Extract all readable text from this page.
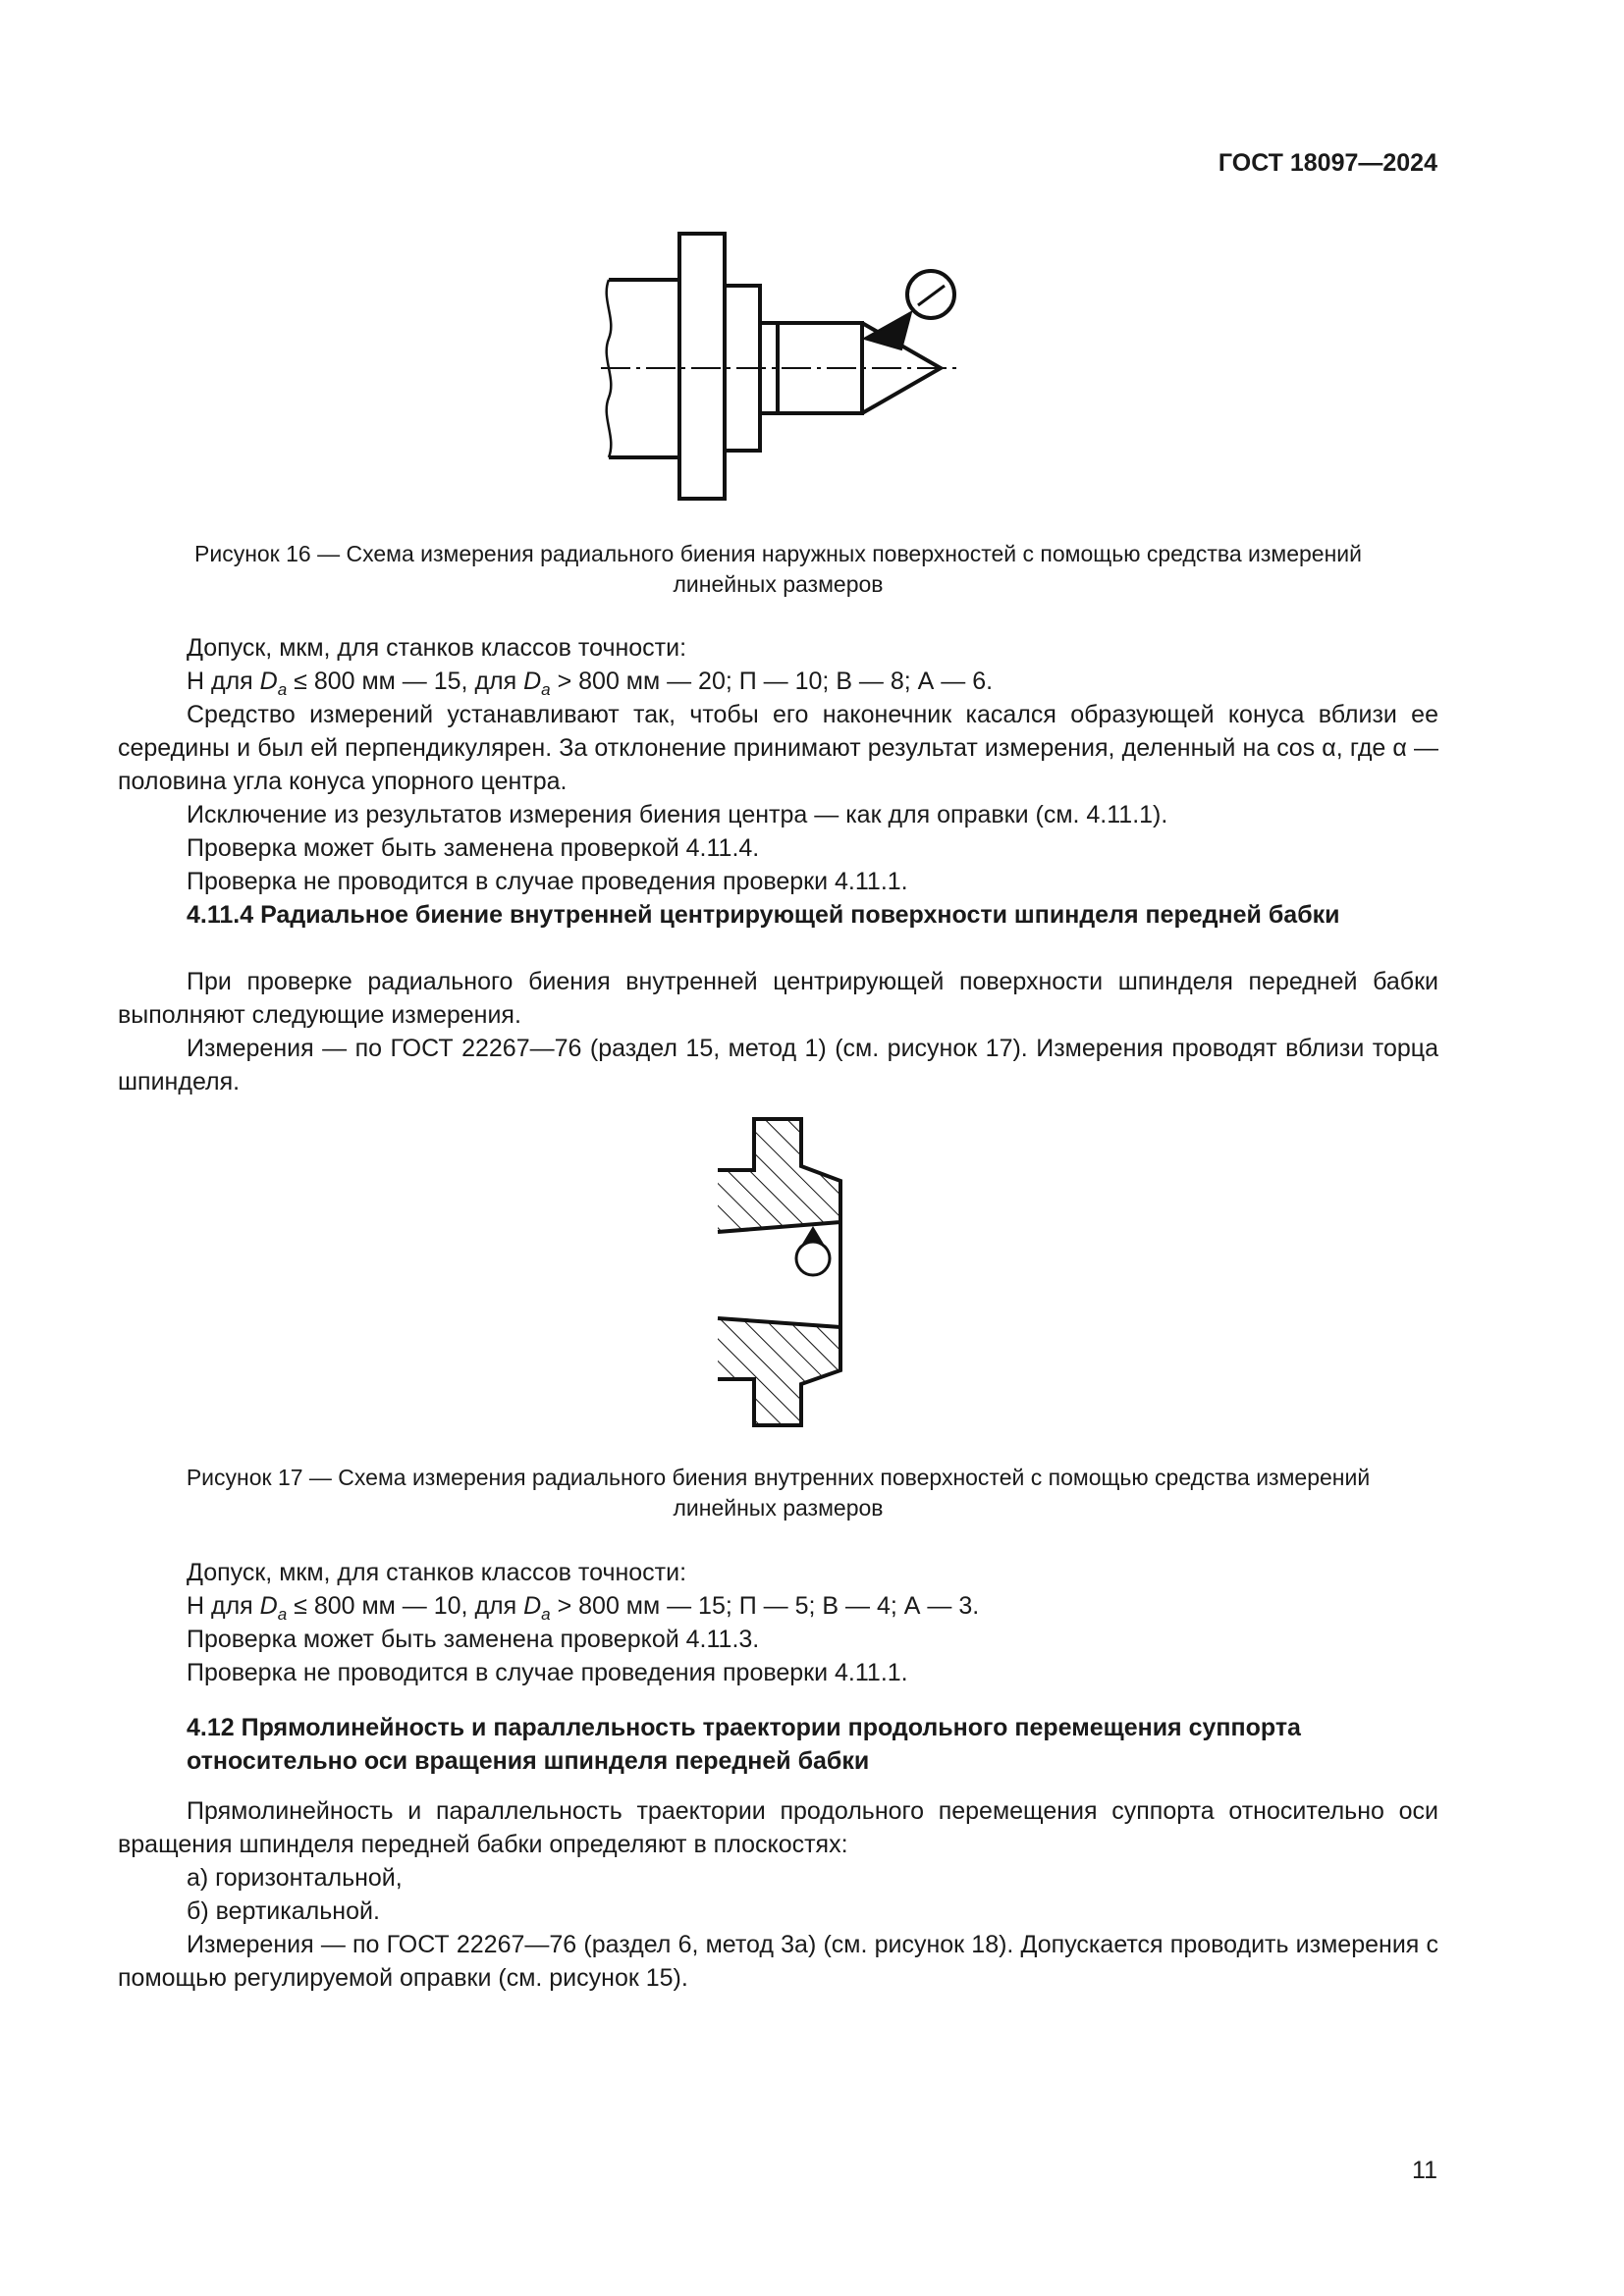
ГОСТ 18097—2024
Рисунок 16 — Схема измерения радиального биения наружных поверхностей с помощью средства измерений
линейных размеров
Допуск, мкм, для станков классов точности:
Н для $D_a \le 800$ мм — 15, для $D_a > 800$ мм — 20; П — 10; В — 8; А — 6.
Средство измерений устанавливают так, чтобы его наконечник касался образующей конуса вблизи ее середины и был ей перпендикулярен. За отклонение принимают результат измерения, деленный на cos α, где α — половина угла конуса упорного центра.
Исключение из результатов измерения биения центра — как для оправки (см. 4.11.1).
Проверка может быть заменена проверкой 4.11.4.
Проверка не проводится в случае проведения проверки 4.11.1.
4.11.4 Радиальное биение внутренней центрирующей поверхности шпинделя передней бабки
При проверке радиального биения внутренней центрирующей поверхности шпинделя передней бабки выполняют следующие измерения.
Измерения — по ГОСТ 22267—76 (раздел 15, метод 1) (см. рисунок 17). Измерения проводят вблизи торца шпинделя.
Рисунок 17 — Схема измерения радиального биения внутренних поверхностей с помощью средства измерений
линейных размеров
Допуск, мкм, для станков классов точности:
Н для $D_a \le 800$ мм — 10, для $D_a > 800$ мм — 15; П — 5; В — 4; А — 3.
Проверка может быть заменена проверкой 4.11.3.
Проверка не проводится в случае проведения проверки 4.11.1.
4.12 Прямолинейность и параллельность траектории продольного перемещения суппорта относительно оси вращения шпинделя передней бабки
Прямолинейность и параллельность траектории продольного перемещения суппорта относительно оси вращения шпинделя передней бабки определяют в плоскостях:
а) горизонтальной,
б) вертикальной.
Измерения — по ГОСТ 22267—76 (раздел 6, метод 3а) (см. рисунок 18). Допускается проводить измерения с помощью регулируемой оправки (см. рисунок 15).
11
